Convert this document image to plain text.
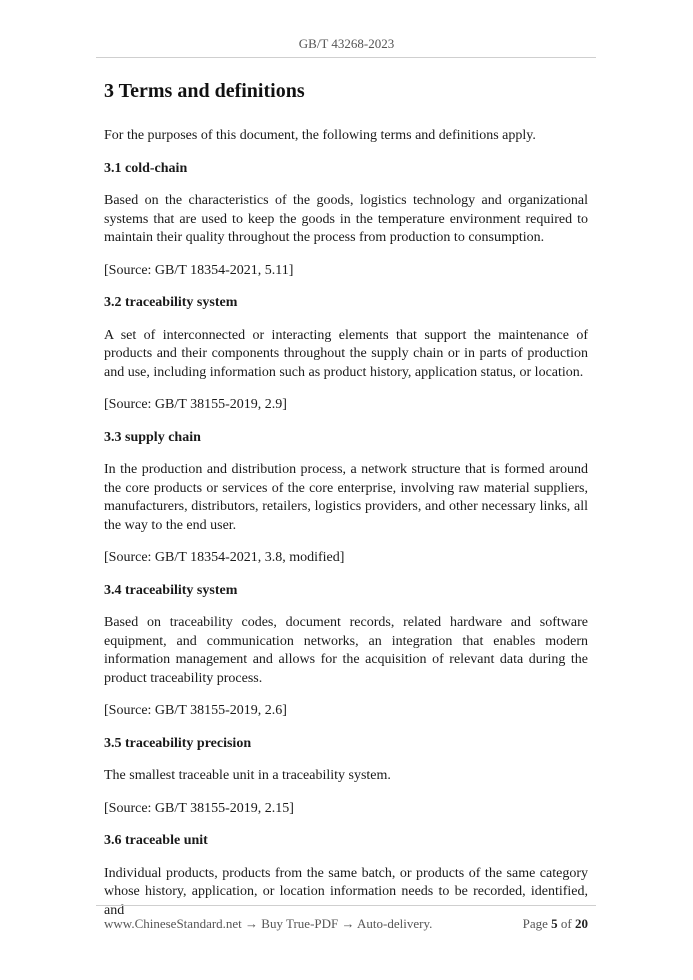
GB/T 43268-2023
3 Terms and definitions

For the purposes of this document, the following terms and definitions apply.

3.1 cold-chain

Based on the characteristics of the goods, logistics technology and organizational systems that are used to keep the goods in the temperature environment required to maintain their quality throughout the process from production to consumption.

[Source: GB/T 18354-2021, 5.11]

3.2 traceability system

A set of interconnected or interacting elements that support the maintenance of products and their components throughout the supply chain or in parts of production and use, including information such as product history, application status, or location.

[Source: GB/T 38155-2019, 2.9]

3.3 supply chain

In the production and distribution process, a network structure that is formed around the core products or services of the core enterprise, involving raw material suppliers, manufacturers, distributors, retailers, logistics providers, and other necessary links, all the way to the end user.

[Source: GB/T 18354-2021, 3.8, modified]

3.4 traceability system

Based on traceability codes, document records, related hardware and software equipment, and communication networks, an integration that enables modern information management and allows for the acquisition of relevant data during the product traceability process.

[Source: GB/T 38155-2019, 2.6]

3.5 traceability precision

The smallest traceable unit in a traceability system.

[Source: GB/T 38155-2019, 2.15]

3.6 traceable unit

Individual products, products from the same batch, or products of the same category whose history, application, or location information needs to be recorded, identified, and

www.ChineseStandard.net → Buy True-PDF → Auto-delivery.	Page 5 of 20
